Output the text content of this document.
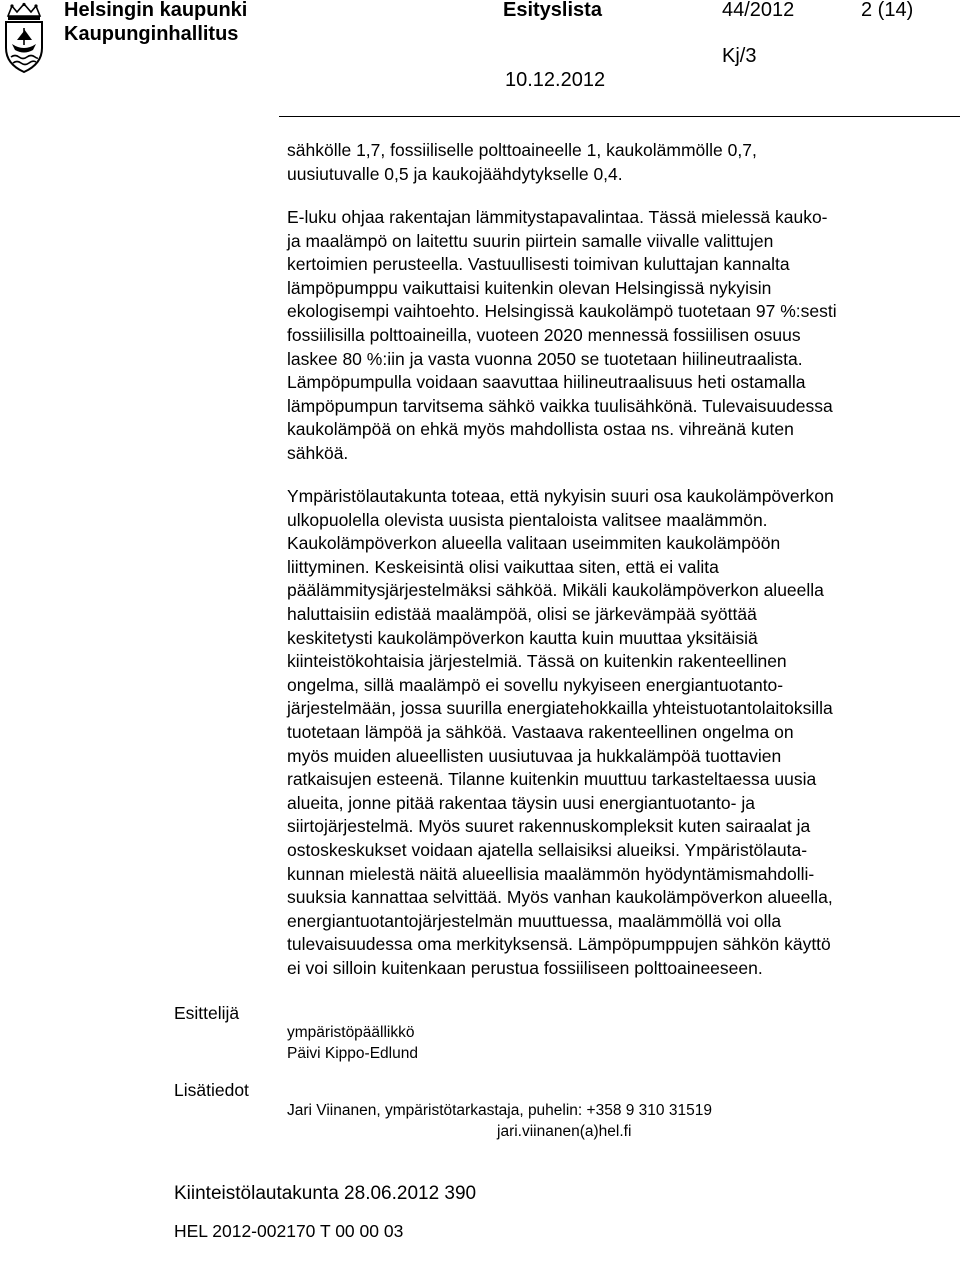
Helsingin kaupunki
Kaupunginhallitus
Esityslista	44/2012	2 (14)
Kj/3
10.12.2012
sähkölle 1,7, fossiiliselle polttoaineelle 1, kaukolämmölle 0,7,
uusiutuvalle 0,5 ja kaukojäähdytykselle 0,4.
E-luku ohjaa rakentajan lämmitystapavalintaa. Tässä mielessä kauko-
ja maalämpö on laitettu suurin piirtein samalle viivalle valittujen
kertoimien perusteella. Vastuullisesti toimivan kuluttajan kannalta
lämpöpumppu vaikuttaisi kuitenkin olevan Helsingissä nykyisin
ekologisempi vaihtoehto. Helsingissä kaukolämpö tuotetaan 97 %:sesti
fossiilisilla polttoaineilla, vuoteen 2020 mennessä fossiilisen osuus
laskee 80 %:iin ja vasta vuonna 2050 se tuotetaan hiilineutraalista.
Lämpöpumpulla voidaan saavuttaa hiilineutraalisuus heti ostamalla
lämpöpumpun tarvitsema sähkö vaikka tuulisähkönä. Tulevaisuudessa
kaukolämpöä on ehkä myös mahdollista ostaa ns. vihreänä kuten
sähköä.
Ympäristölautakunta toteaa, että nykyisin suuri osa kaukolämpöverkon
ulkopuolella olevista uusista pientaloista valitsee maalämmön.
Kaukolämpöverkon alueella valitaan useimmiten kaukolämpöön
liittyminen. Keskeisintä olisi vaikuttaa siten, että ei valita
päälämmitysjärjestelmäksi sähköä. Mikäli kaukolämpöverkon alueella
haluttaisiin edistää maalämpöä, olisi se järkevämpää syöttää
keskitetysti kaukolämpöverkon kautta kuin muuttaa yksitäisiä
kiinteistökohtaisia järjestelmiä. Tässä on kuitenkin rakenteellinen
ongelma, sillä maalämpö ei sovellu nykyiseen energiantuotanto-
järjestelmään, jossa suurilla energiatehokkailla yhteistuotantolaitoksilla
tuotetaan lämpöä ja sähköä. Vastaava rakenteellinen ongelma on
myös muiden alueellisten uusiutuvaa ja hukkalämpöä tuottavien
ratkaisujen esteenä. Tilanne kuitenkin muuttuu tarkasteltaessa uusia
alueita, jonne pitää rakentaa täysin uusi energiantuotanto- ja
siirtojärjestelmä. Myös suuret rakennuskompleksit kuten sairaalat ja
ostoskeskukset voidaan ajatella sellaisiksi alueiksi. Ympäristölauta-
kunnan mielestä näitä alueellisia maalämmön hyödyntämismahdolli-
suuksia kannattaa selvittää. Myös vanhan kaukolämpöverkon alueella,
energiantuotantojärjestelmän muuttuessa, maalämmöllä voi olla
tulevaisuudessa oma merkityksensä. Lämpöpumppujen sähkön käyttö
ei voi silloin kuitenkaan perustua fossiiliseen polttoaineeseen.
Esittelijä
ympäristöpäällikkö
Päivi Kippo-Edlund
Lisätiedot
Jari Viinanen, ympäristötarkastaja, puhelin: +358 9 310 31519
jari.viinanen(a)hel.fi
Kiinteistölautakunta 28.06.2012 390
HEL 2012-002170 T 00 00 03
